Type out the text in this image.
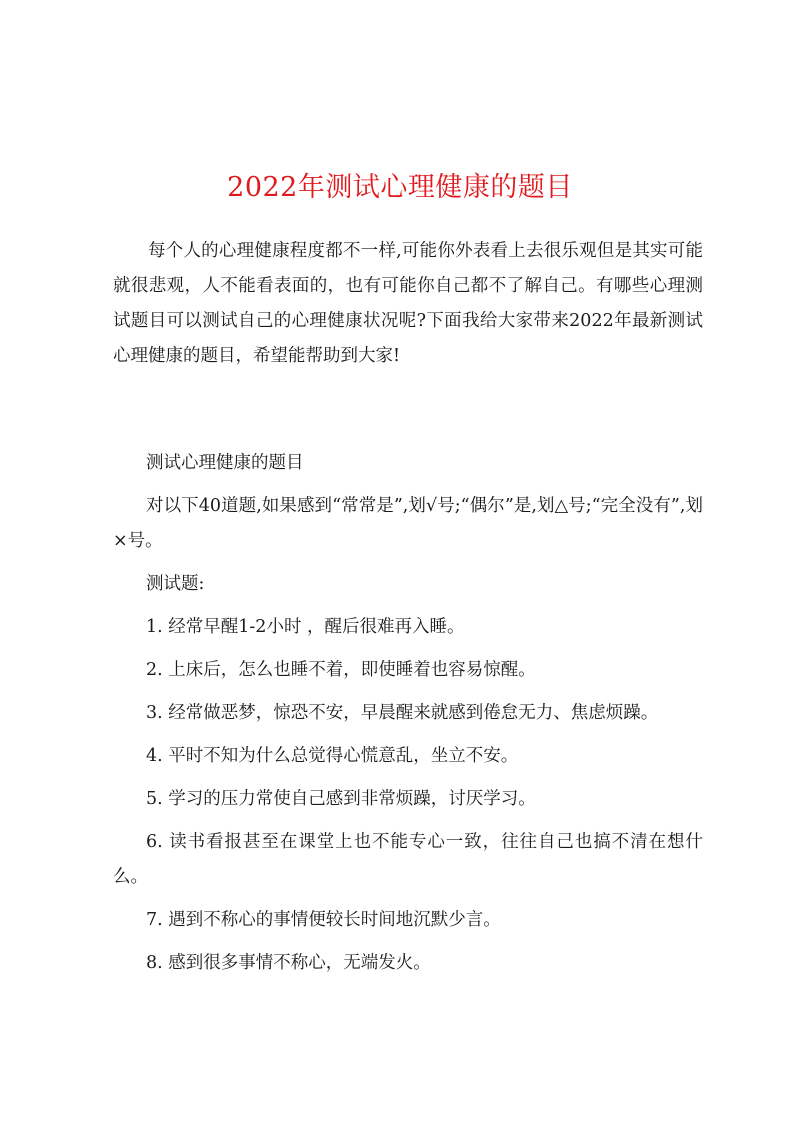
2022年测试心理健康的题目
每个人的心理健康程度都不一样,可能你外表看上去很乐观但是其实可能就很悲观，人不能看表面的，也有可能你自己都不了解自己。有哪些心理测试题目可以测试自己的心理健康状况呢?下面我给大家带来2022年最新测试心理健康的题目，希望能帮助到大家!

测试心理健康的题目

对以下40道题,如果感到“常常是”,划√号;“偶尔”是,划△号;“完全没有”,划×号。

测试题:

1. 经常早醒1-2小时 ，醒后很难再入睡。

2. 上床后，怎么也睡不着，即使睡着也容易惊醒。

3. 经常做恶梦，惊恐不安，早晨醒来就感到倦怠无力、焦虑烦躁。

4. 平时不知为什么总觉得心慌意乱，坐立不安。

5. 学习的压力常使自己感到非常烦躁，讨厌学习。

6. 读书看报甚至在课堂上也不能专心一致，往往自己也搞不清在想什么。

7. 遇到不称心的事情便较长时间地沉默少言。

8. 感到很多事情不称心，无端发火。
